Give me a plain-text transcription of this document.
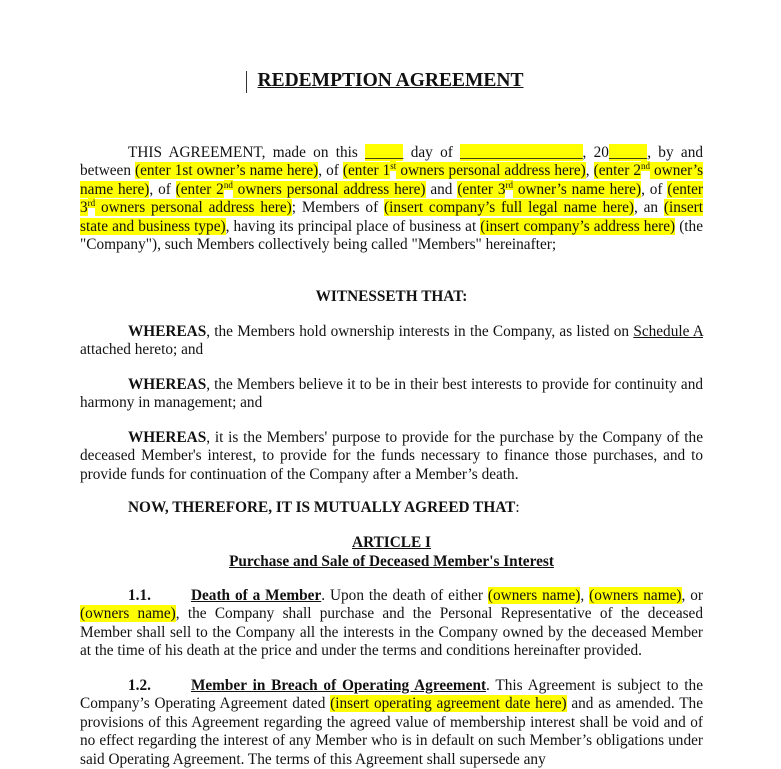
REDEMPTION AGREEMENT
THIS AGREEMENT, made on this _____ day of ________________, 20_____, by and between (enter 1st owner’s name here), of (enter 1st owners personal address here), (enter 2nd owner’s name here), of (enter 2nd owners personal address here) and (enter 3rd owner’s name here), of (enter 3rd owners personal address here); Members of (insert company’s full legal name here), an (insert state and business type), having its principal place of business at (insert company’s address here) (the "Company"), such Members collectively being called "Members" hereinafter;
WITNESSETH THAT:
WHEREAS, the Members hold ownership interests in the Company, as listed on Schedule A attached hereto; and
WHEREAS, the Members believe it to be in their best interests to provide for continuity and harmony in management; and
WHEREAS, it is the Members' purpose to provide for the purchase by the Company of the deceased Member's interest, to provide for the funds necessary to finance those purchases, and to provide funds for continuation of the Company after a Member’s death.
NOW, THEREFORE, IT IS MUTUALLY AGREED THAT:
ARTICLE I
Purchase and Sale of Deceased Member's Interest
1.1.	Death of a Member. Upon the death of either (owners name), (owners name), or (owners name), the Company shall purchase and the Personal Representative of the deceased Member shall sell to the Company all the interests in the Company owned by the deceased Member at the time of his death at the price and under the terms and conditions hereinafter provided.
1.2.	Member in Breach of Operating Agreement. This Agreement is subject to the Company’s Operating Agreement dated (insert operating agreement date here) and as amended. The provisions of this Agreement regarding the agreed value of membership interest shall be void and of no effect regarding the interest of any Member who is in default on such Member’s obligations under said Operating Agreement. The terms of this Agreement shall supersede any
